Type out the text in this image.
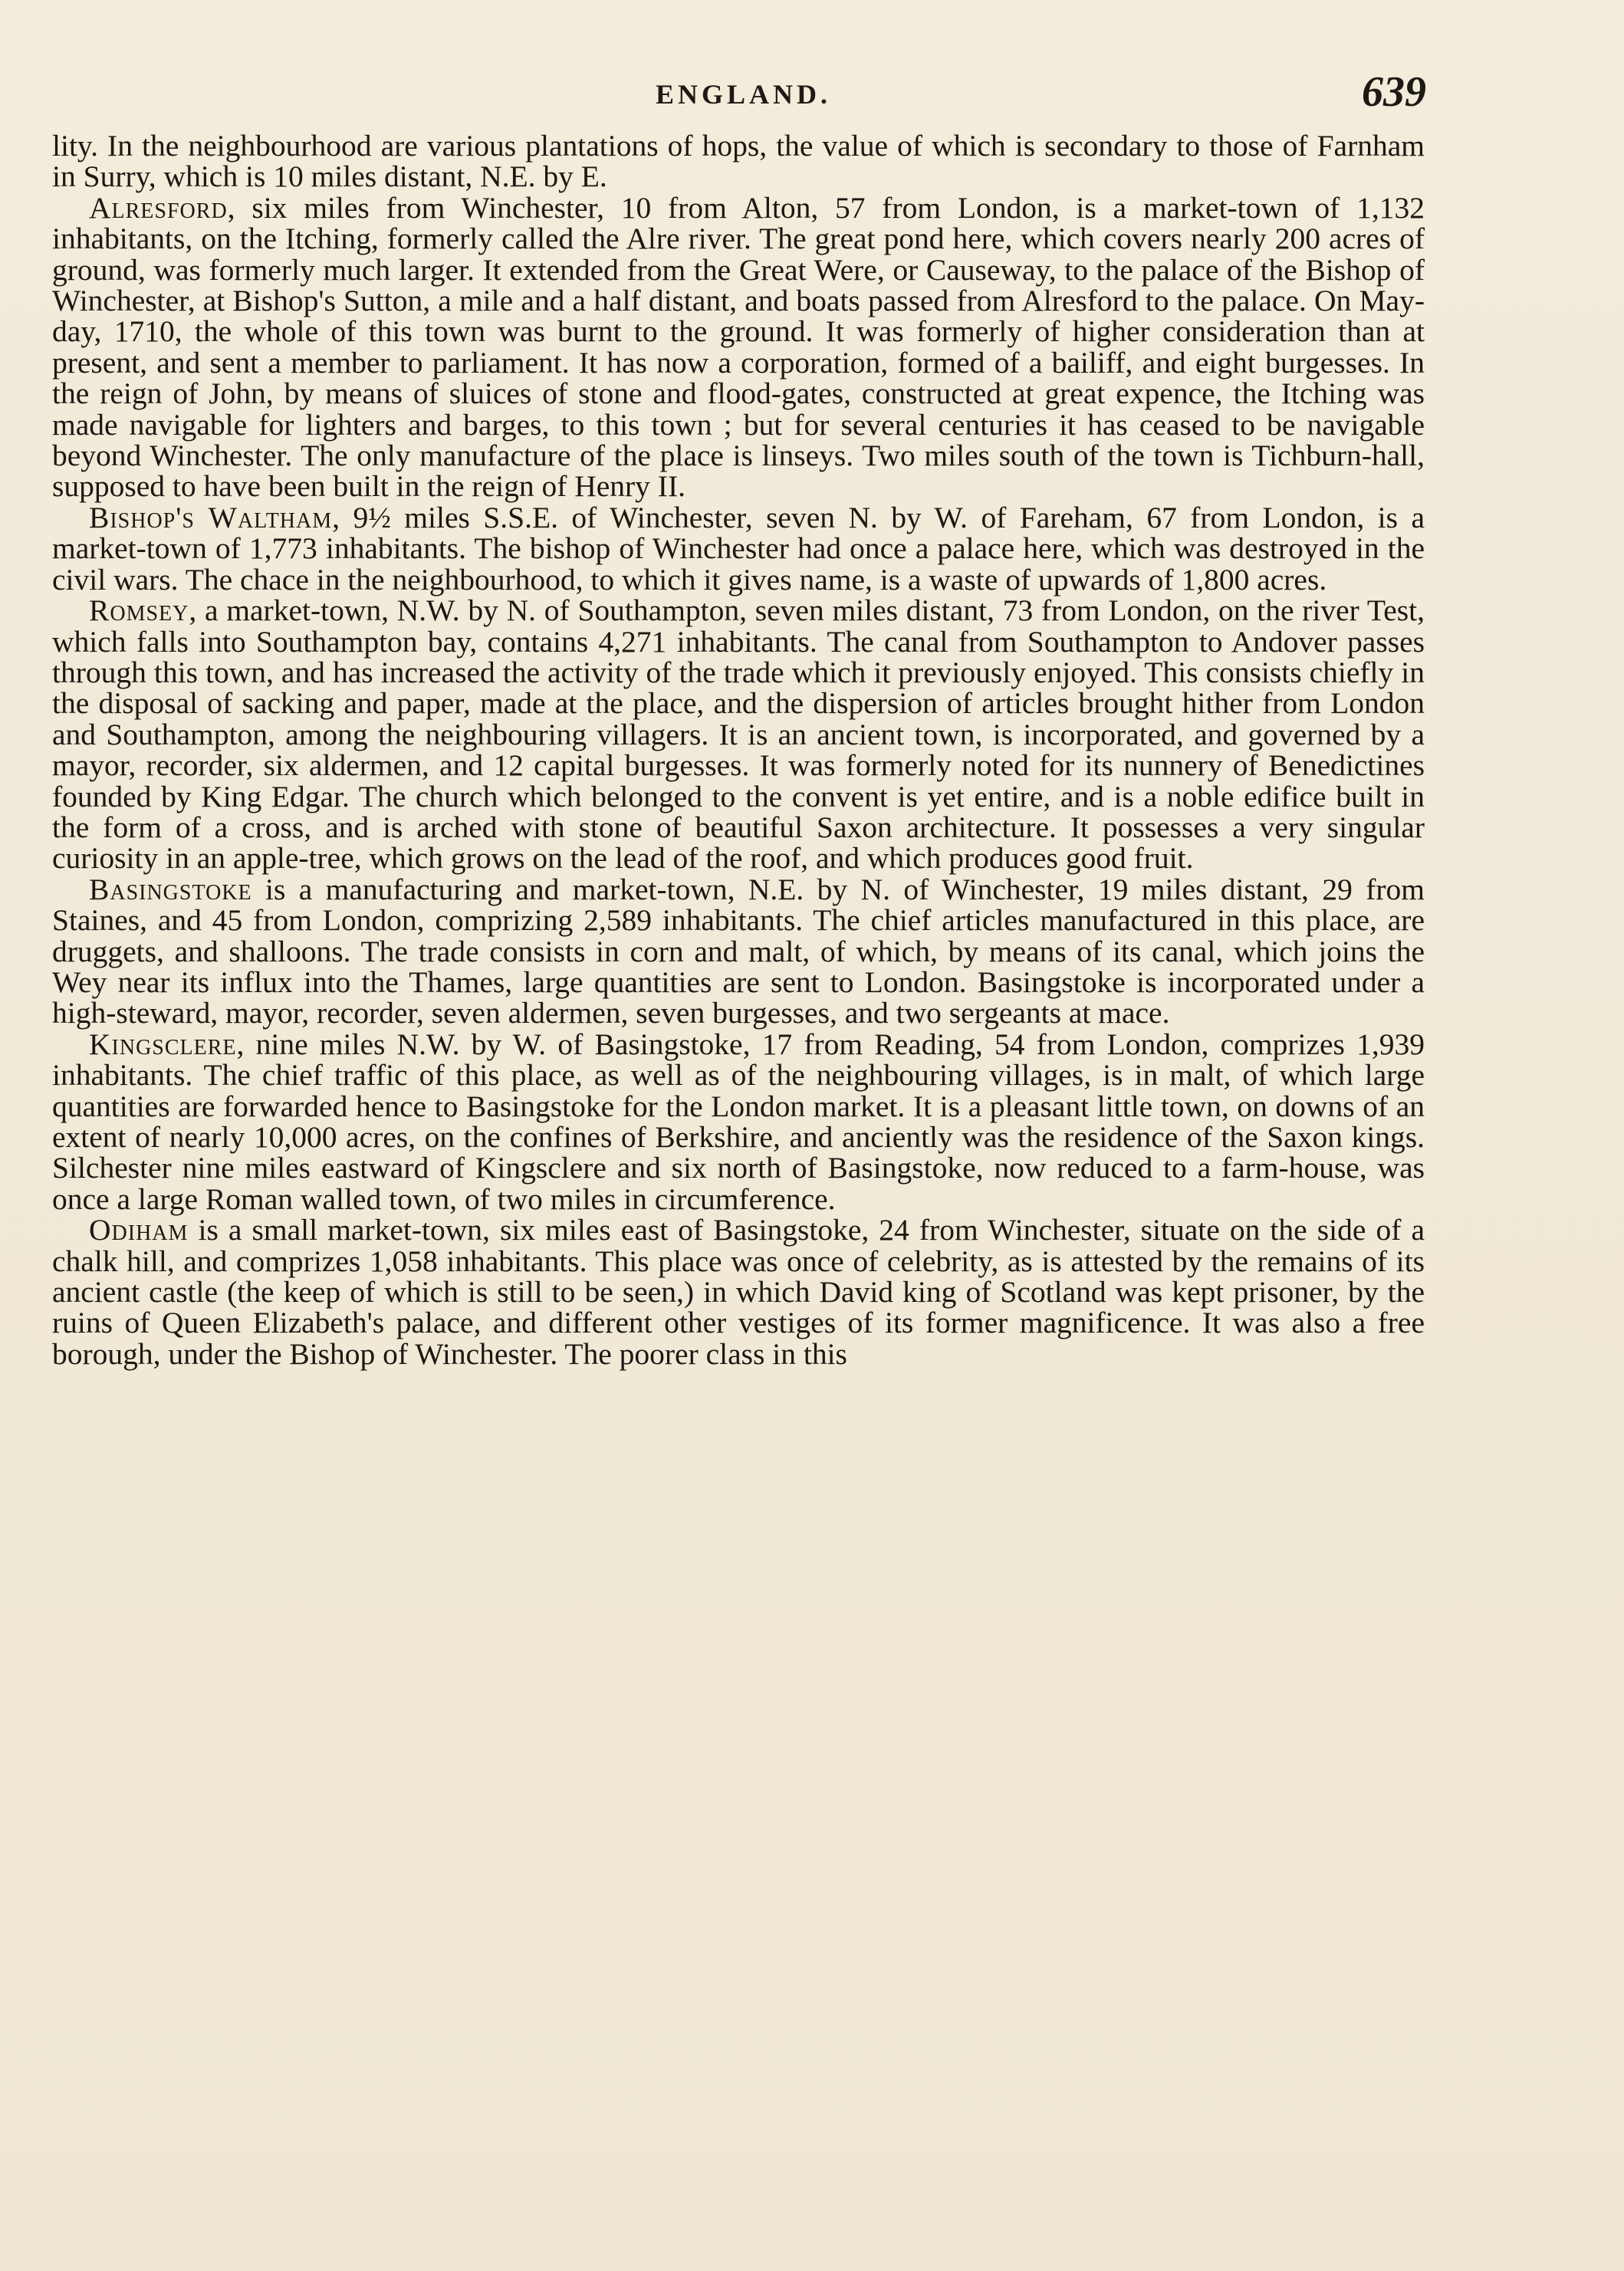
ENGLAND.	639

lity. In the neighbourhood are various plantations of hops, the value of which is secondary to those of Farnham in Surry, which is 10 miles distant, N.E. by E.

Alresford, six miles from Winchester, 10 from Alton, 57 from London, is a market-town of 1,132 inhabitants, on the Itching, formerly called the Alre river. The great pond here, which covers nearly 200 acres of ground, was formerly much larger. It extended from the Great Were, or Causeway, to the palace of the Bishop of Winchester, at Bishop's Sutton, a mile and a half distant, and boats passed from Alresford to the palace. On May-day, 1710, the whole of this town was burnt to the ground. It was formerly of higher consideration than at present, and sent a member to parliament. It has now a corporation, formed of a bailiff, and eight burgesses. In the reign of John, by means of sluices of stone and flood-gates, constructed at great expence, the Itching was made navigable for lighters and barges, to this town ; but for several centuries it has ceased to be navigable beyond Winchester. The only manufacture of the place is linseys. Two miles south of the town is Tichburn-hall, supposed to have been built in the reign of Henry II.

Bishop's Waltham, 9½ miles S.S.E. of Winchester, seven N. by W. of Fareham, 67 from London, is a market-town of 1,773 inhabitants. The bishop of Winchester had once a palace here, which was destroyed in the civil wars. The chace in the neighbourhood, to which it gives name, is a waste of upwards of 1,800 acres.

Romsey, a market-town, N.W. by N. of Southampton, seven miles distant, 73 from London, on the river Test, which falls into Southampton bay, contains 4,271 inhabitants. The canal from Southampton to Andover passes through this town, and has increased the activity of the trade which it previously enjoyed. This consists chiefly in the disposal of sacking and paper, made at the place, and the dispersion of articles brought hither from London and Southampton, among the neighbouring villagers. It is an ancient town, is incorporated, and governed by a mayor, recorder, six aldermen, and 12 capital burgesses. It was formerly noted for its nunnery of Benedictines founded by King Edgar. The church which belonged to the convent is yet entire, and is a noble edifice built in the form of a cross, and is arched with stone of beautiful Saxon architecture. It possesses a very singular curiosity in an apple-tree, which grows on the lead of the roof, and which produces good fruit.

Basingstoke is a manufacturing and market-town, N.E. by N. of Winchester, 19 miles distant, 29 from Staines, and 45 from London, comprizing 2,589 inhabitants. The chief articles manufactured in this place, are druggets, and shalloons. The trade consists in corn and malt, of which, by means of its canal, which joins the Wey near its influx into the Thames, large quantities are sent to London. Basingstoke is incorporated under a high-steward, mayor, recorder, seven aldermen, seven burgesses, and two sergeants at mace.

Kingsclere, nine miles N.W. by W. of Basingstoke, 17 from Reading, 54 from London, comprizes 1,939 inhabitants. The chief traffic of this place, as well as of the neighbouring villages, is in malt, of which large quantities are forwarded hence to Basingstoke for the London market. It is a pleasant little town, on downs of an extent of nearly 10,000 acres, on the confines of Berkshire, and anciently was the residence of the Saxon kings. Silchester nine miles eastward of Kingsclere and six north of Basingstoke, now reduced to a farm-house, was once a large Roman walled town, of two miles in circumference.

Odiham is a small market-town, six miles east of Basingstoke, 24 from Winchester, situate on the side of a chalk hill, and comprizes 1,058 inhabitants. This place was once of celebrity, as is attested by the remains of its ancient castle (the keep of which is still to be seen,) in which David king of Scotland was kept prisoner, by the ruins of Queen Elizabeth's palace, and different other vestiges of its former magnificence. It was also a free borough, under the Bishop of Winchester. The poorer class in this
